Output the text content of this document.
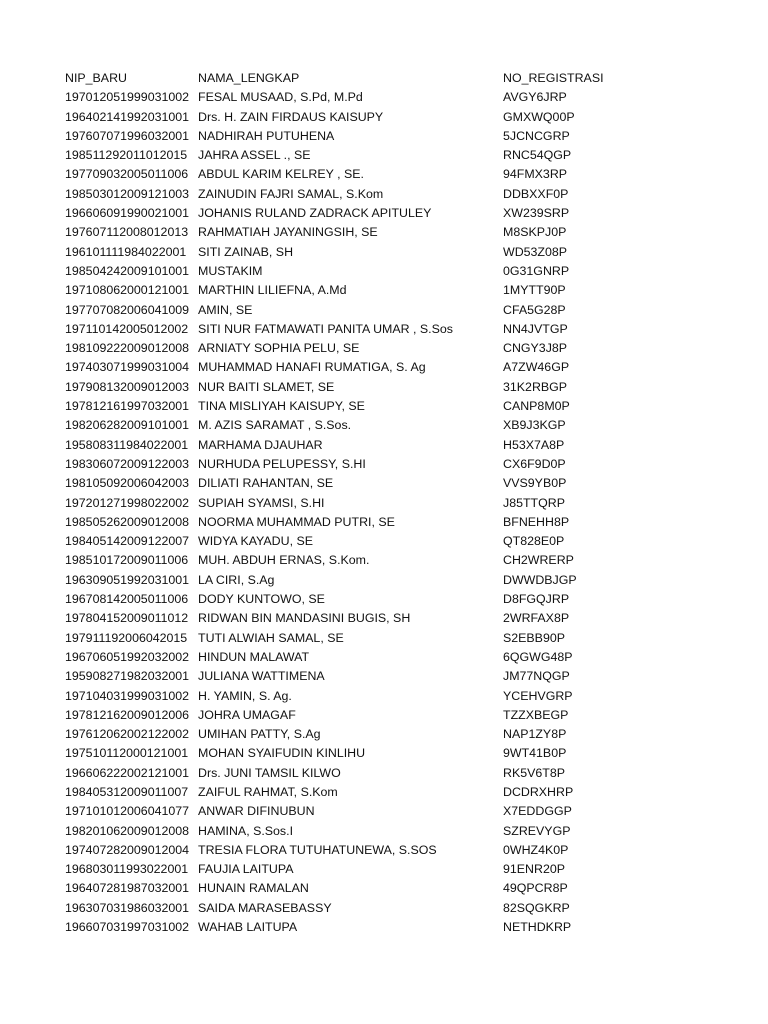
NIP_BARU	NAMA_LENGKAP	NO_REGISTRASI
197012051999031002 FESAL MUSAAD, S.Pd, M.Pd	AVGY6JRP
196402141992031001 Drs. H. ZAIN FIRDAUS KAISUPY	GMXWQ00P
197607071996032001 NADHIRAH PUTUHENA	5JCNCGRP
198511292011012015 JAHRA ASSEL ., SE	RNC54QGP
197709032005011006 ABDUL KARIM KELREY , SE.	94FMX3RP
198503012009121003 ZAINUDIN FAJRI SAMAL, S.Kom	DDBXXF0P
196606091990021001 JOHANIS RULAND ZADRACK APITULEY	XW239SRP
197607112008012013 RAHMATIAH JAYANINGSIH, SE	M8SKPJ0P
196101111984022001 SITI ZAINAB, SH	WD53Z08P
198504242009101001 MUSTAKIM	0G31GNRP
197108062000121001 MARTHIN LILIEFNA, A.Md	1MYTT90P
197707082006041009 AMIN, SE	CFA5G28P
197110142005012002 SITI NUR FATMAWATI PANITA UMAR , S.Sos	NN4JVTGP
198109222009012008 ARNIATY SOPHIA PELU, SE	CNGY3J8P
197403071999031004 MUHAMMAD HANAFI RUMATIGA, S. Ag	A7ZW46GP
197908132009012003 NUR BAITI SLAMET, SE	31K2RBGP
197812161997032001 TINA MISLIYAH KAISUPY, SE	CANP8M0P
198206282009101001 M. AZIS SARAMAT , S.Sos.	XB9J3KGP
195808311984022001 MARHAMA DJAUHAR	H53X7A8P
198306072009122003 NURHUDA PELUPESSY, S.HI	CX6F9D0P
198105092006042003 DILIATI RAHANTAN, SE	VVS9YB0P
197201271998022002 SUPIAH SYAMSI, S.HI	J85TTQRP
198505262009012008 NOORMA MUHAMMAD PUTRI, SE	BFNEHH8P
198405142009122007 WIDYA KAYADU, SE	QT828E0P
198510172009011006 MUH. ABDUH ERNAS, S.Kom.	CH2WRERP
196309051992031001 LA CIRI, S.Ag	DWWDBJGP
196708142005011006 DODY KUNTOWO, SE	D8FGQJRP
197804152009011012 RIDWAN BIN MANDASINI BUGIS, SH	2WRFAX8P
197911192006042015 TUTI ALWIAH SAMAL, SE	S2EBB90P
196706051992032002 HINDUN MALAWAT	6QGWG48P
195908271982032001 JULIANA WATTIMENA	JM77NQGP
197104031999031002 H. YAMIN, S. Ag.	YCEHVGRP
197812162009012006 JOHRA UMAGAF	TZZXBEGP
197612062002122002 UMIHAN PATTY, S.Ag	NAP1ZY8P
197510112000121001 MOHAN SYAIFUDIN KINLIHU	9WT41B0P
196606222002121001 Drs. JUNI TAMSIL KILWO	RK5V6T8P
198405312009011007 ZAIFUL RAHMAT, S.Kom	DCDRXHRP
197101012006041077 ANWAR DIFINUBUN	X7EDDGGP
198201062009012008 HAMINA, S.Sos.I	SZREVYGP
197407282009012004 TRESIA FLORA TUTUHATUNEWA, S.SOS	0WHZ4K0P
196803011993022001 FAUJIA LAITUPA	91ENR20P
196407281987032001 HUNAIN RAMALAN	49QPCR8P
196307031986032001 SAIDA MARASEBASSY	82SQGKRP
196607031997031002 WAHAB LAITUPA	NETHDKRP
